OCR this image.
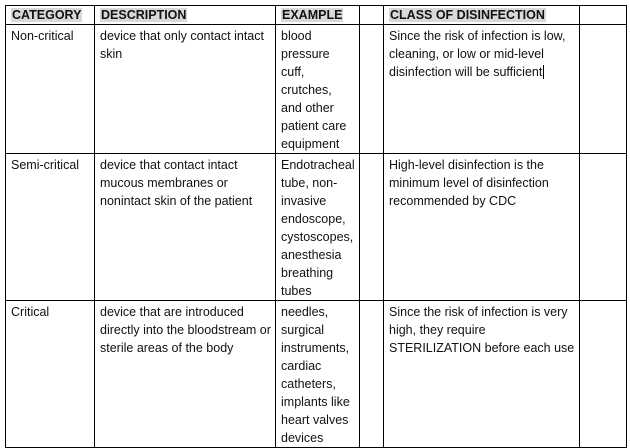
CATEGORY	DESCRIPTION	EXAMPLE		CLASS OF DISINFECTION	
Non-critical	device that only contact intact skin	blood pressure cuff, crutches, and other patient care equipment		Since the risk of infection is low, cleaning, or low or mid-level disinfection will be sufficient	
Semi-critical	device that contact intact mucous membranes or nonintact skin of the patient	Endotracheal tube, non-invasive endoscope, cystoscopes, anesthesia breathing tubes		High-level disinfection is the minimum level of disinfection recommended by CDC	
Critical	device that are introduced directly into the bloodstream or sterile areas of the body	needles, surgical instruments, cardiac catheters, implants like heart valves devices		Since the risk of infection is very high, they require STERILIZATION before each use	
